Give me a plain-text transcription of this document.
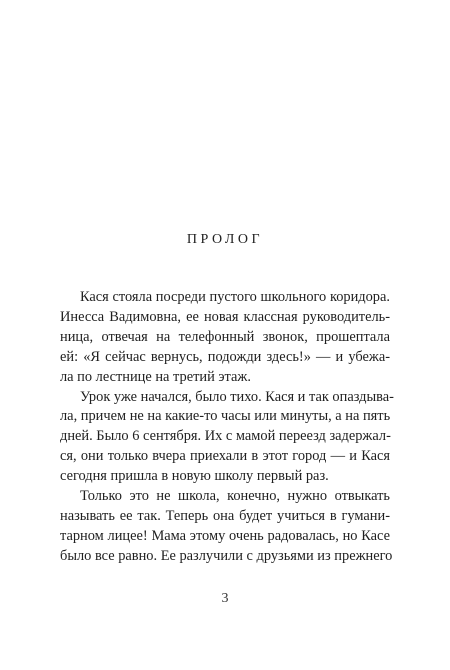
ПРОЛОГ
Кася стояла посреди пустого школьного коридора.
Инесса Вадимовна, ее новая классная руководитель-
ница, отвечая на телефонный звонок, прошептала
ей: «Я сейчас вернусь, подожди здесь!» — и убежа-
ла по лестнице на третий этаж.
Урок уже начался, было тихо. Кася и так опаздыва-
ла, причем не на какие-то часы или минуты, а на пять
дней. Было 6 сентября. Их с мамой переезд задержал-
ся, они только вчера приехали в этот город — и Кася
сегодня пришла в новую школу первый раз.
Только это не школа, конечно, нужно отвыкать
называть ее так. Теперь она будет учиться в гумани-
тарном лицее! Мама этому очень радовалась, но Касе
было все равно. Ее разлучили с друзьями из прежнего
3
